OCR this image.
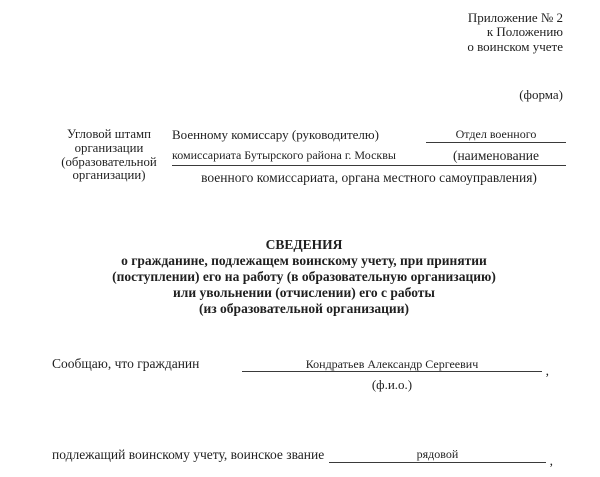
Приложение № 2
к Положению
о воинском учете
(форма)
Угловой штамп
организации
(образовательной
организации)
Военному комиссару (руководителю)	Отдел военного
комиссариата Бутырского района г. Москвы	(наименование
военного комиссариата, органа местного самоуправления)
СВЕДЕНИЯ
о гражданине, подлежащем воинскому учету, при принятии
(поступлении) его на работу (в образовательную организацию)
или увольнении (отчислении) его с работы
(из образовательной организации)
Сообщаю, что гражданин	Кондратьев Александр Сергеевич
(ф.и.о.)
,
подлежащий воинскому учету, воинское звание	рядовой	,
